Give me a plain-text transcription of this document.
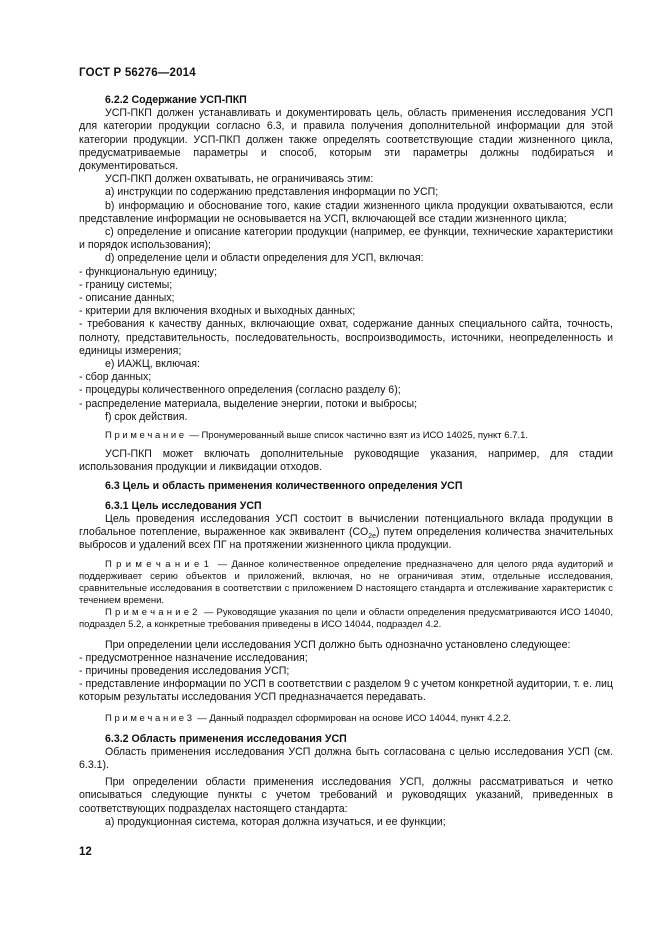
ГОСТ Р 56276—2014

6.2.2 Содержание УСП-ПКП

УСП-ПКП должен устанавливать и документировать цель, область применения исследования УСП для категории продукции согласно 6.3, и правила получения дополнительной информации для этой категории продукции. УСП-ПКП должен также определять соответствующие стадии жизненного цикла, предусматриваемые параметры и способ, которым эти параметры должны подбираться и документироваться.

УСП-ПКП должен охватывать, не ограничиваясь этим:

а) инструкции по содержанию представления информации по УСП;

b) информацию и обоснование того, какие стадии жизненного цикла продукции охватываются, если представление информации не основывается на УСП, включающей все стадии жизненного цикла;

c) определение и описание категории продукции (например, ее функции, технические характеристики и порядок использования);

d) определение цели и области определения для УСП, включая:

- функциональную единицу;

- границу системы;

- описание данных;

- критерии для включения входных и выходных данных;

- требования к качеству данных, включающие охват, содержание данных специального сайта, точность, полноту, представительность, последовательность, воспроизводимость, источники, неопределенность и единицы измерения;

e) ИАЖЦ, включая:

- сбор данных;

- процедуры количественного определения (согласно разделу 6);

- распределение материала, выделение энергии, потоки и выбросы;

f) срок действия.

П р и м е ч а н и е — Пронумерованный выше список частично взят из ИСО 14025, пункт 6.7.1.

УСП-ПКП может включать дополнительные руководящие указания, например, для стадии использования продукции и ликвидации отходов.

6.3 Цель и область применения количественного определения УСП

6.3.1 Цель исследования УСП

Цель проведения исследования УСП состоит в вычислении потенциального вклада продукции в глобальное потепление, выраженное как эквивалент $(СО_{2е})$ путем определения количества значительных выбросов и удалений всех ПГ на протяжении жизненного цикла продукции.

П р и м е ч а н и е 1 — Данное количественное определение предназначено для целого ряда аудиторий и поддерживает серию объектов и приложений, включая, но не ограничивая этим, отдельные исследования, сравнительные исследования в соответствии с приложением D настоящего стандарта и отслеживание характеристик с течением времени.

П р и м е ч а н и е 2 — Руководящие указания по цели и области определения предусматриваются ИСО 14040, подраздел 5.2, а конкретные требования приведены в ИСО 14044, подраздел 4.2.

При определении цели исследования УСП должно быть однозначно установлено следующее:

- предусмотренное назначение исследования;

- причины проведения исследования УСП;

- представление информации по УСП в соответствии с разделом 9 с учетом конкретной аудитории, т. е. лиц которым результаты исследования УСП предназначается передавать.

П р и м е ч а н и е 3 — Данный подраздел сформирован на основе ИСО 14044, пункт 4.2.2.

6.3.2 Область применения исследования УСП

Область применения исследования УСП должна быть согласована с целью исследования УСП (см. 6.3.1).

При определении области применения исследования УСП, должны рассматриваться и четко описываться следующие пункты с учетом требований и руководящих указаний, приведенных в соответствующих подразделах настоящего стандарта:

а) продукционная система, которая должна изучаться, и ее функции;

12
